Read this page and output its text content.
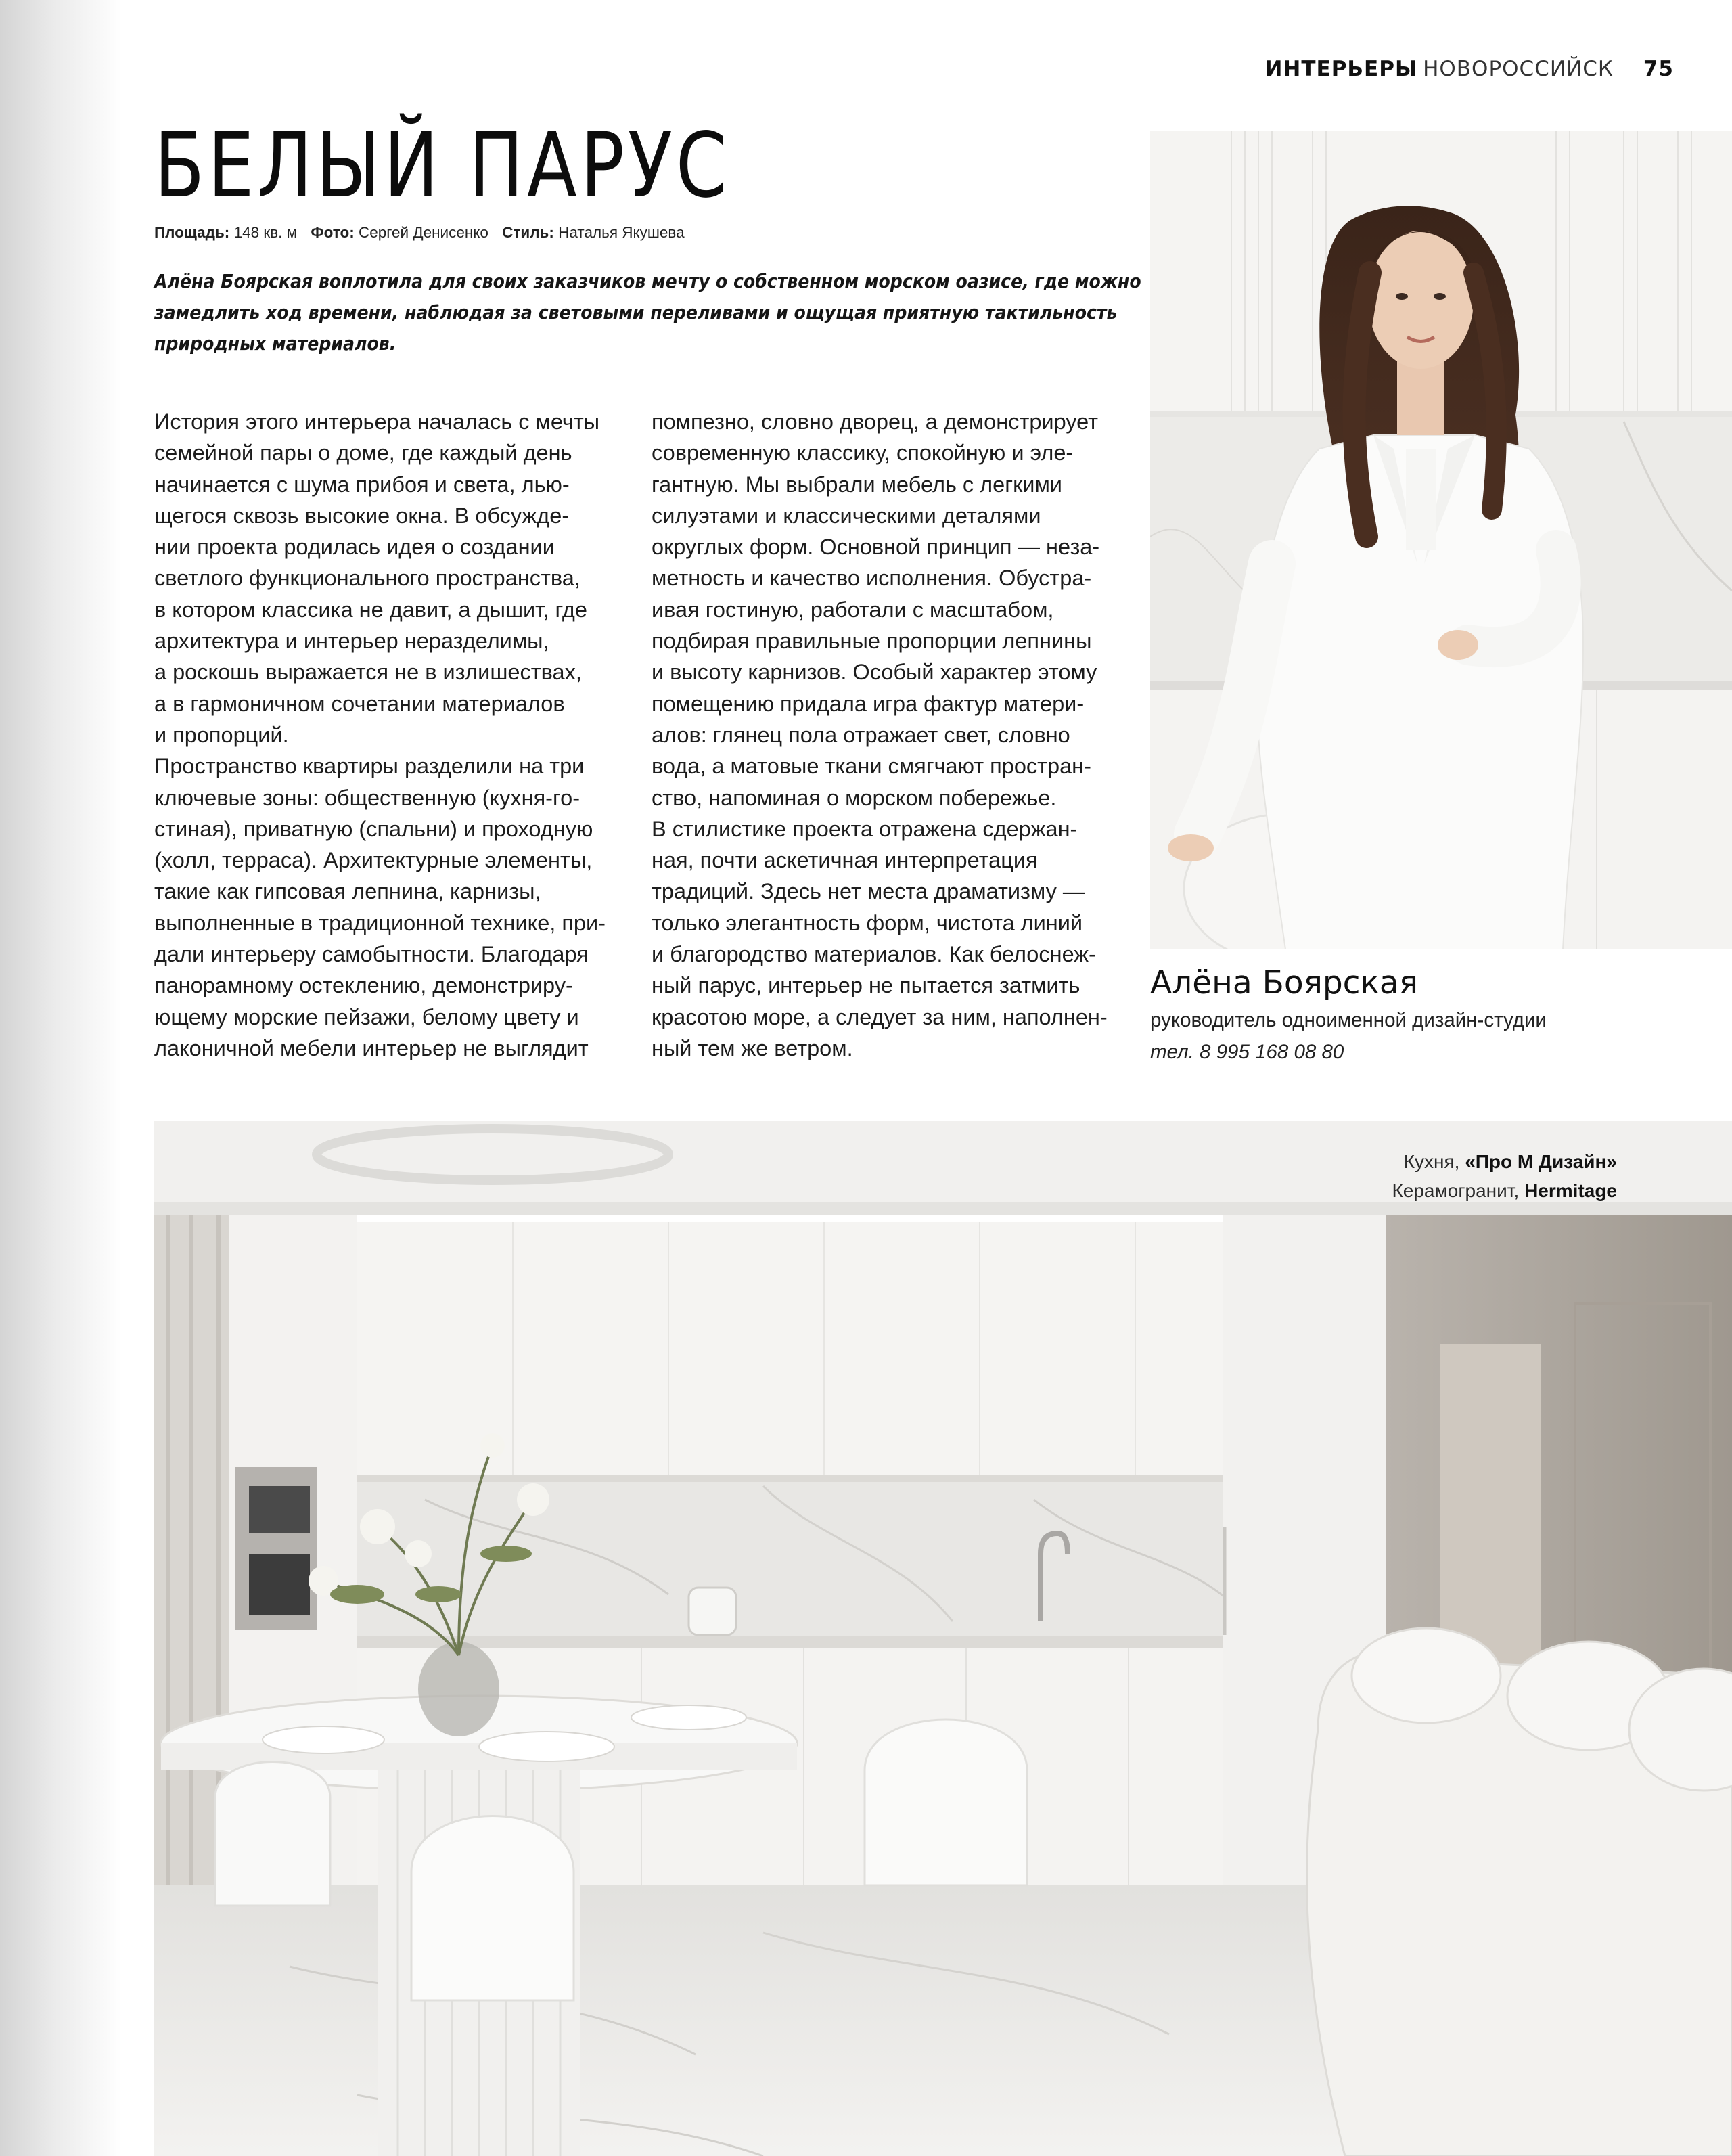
ИНТЕРЬЕРЫ НОВОРОССИЙСК 75
БЕЛЫЙ ПАРУС
Площадь: 148 кв. м Фото: Сергей Денисенко Стиль: Наталья Якушева
Алёна Боярская воплотила для своих заказчиков мечту о собственном морском оазисе, где можно
замедлить ход времени, наблюдая за световыми переливами и ощущая приятную тактильность
природных материалов.
История этого интерьера началась с мечты
семейной пары о доме, где каждый день
начинается с шума прибоя и света, лью-
щегося сквозь высокие окна. В обсужде-
нии проекта родилась идея о создании
светлого функционального пространства,
в котором классика не давит, а дышит, где
архитектура и интерьер неразделимы,
а роскошь выражается не в излишествах,
а в гармоничном сочетании материалов
и пропорций.
Пространство квартиры разделили на три
ключевые зоны: общественную (кухня-го-
стиная), приватную (спальни) и проходную
(холл, терраса). Архитектурные элементы,
такие как гипсовая лепнина, карнизы,
выполненные в традиционной технике, при-
дали интерьеру самобытности. Благодаря
панорамному остеклению, демонстриру-
ющему морские пейзажи, белому цвету и
лаконичной мебели интерьер не выглядит
помпезно, словно дворец, а демонстрирует
современную классику, спокойную и эле-
гантную. Мы выбрали мебель с легкими
силуэтами и классическими деталями
округлых форм. Основной принцип — неза-
метность и качество исполнения. Обустра-
ивая гостиную, работали с масштабом,
подбирая правильные пропорции лепнины
и высоту карнизов. Особый характер этому
помещению придала игра фактур матери-
алов: глянец пола отражает свет, словно
вода, а матовые ткани смягчают простран-
ство, напоминая о морском побережье.
В стилистике проекта отражена сдержан-
ная, почти аскетичная интерпретация
традиций. Здесь нет места драматизму —
только элегантность форм, чистота линий
и благородство материалов. Как белоснеж-
ный парус, интерьер не пытается затмить
красотою море, а следует за ним, наполнен-
ный тем же ветром.
Алёна Боярская
руководитель одноименной дизайн-студии
тел. 8 995 168 08 80
Кухня, «Про М Дизайн»
Керамогранит, Hermitage
